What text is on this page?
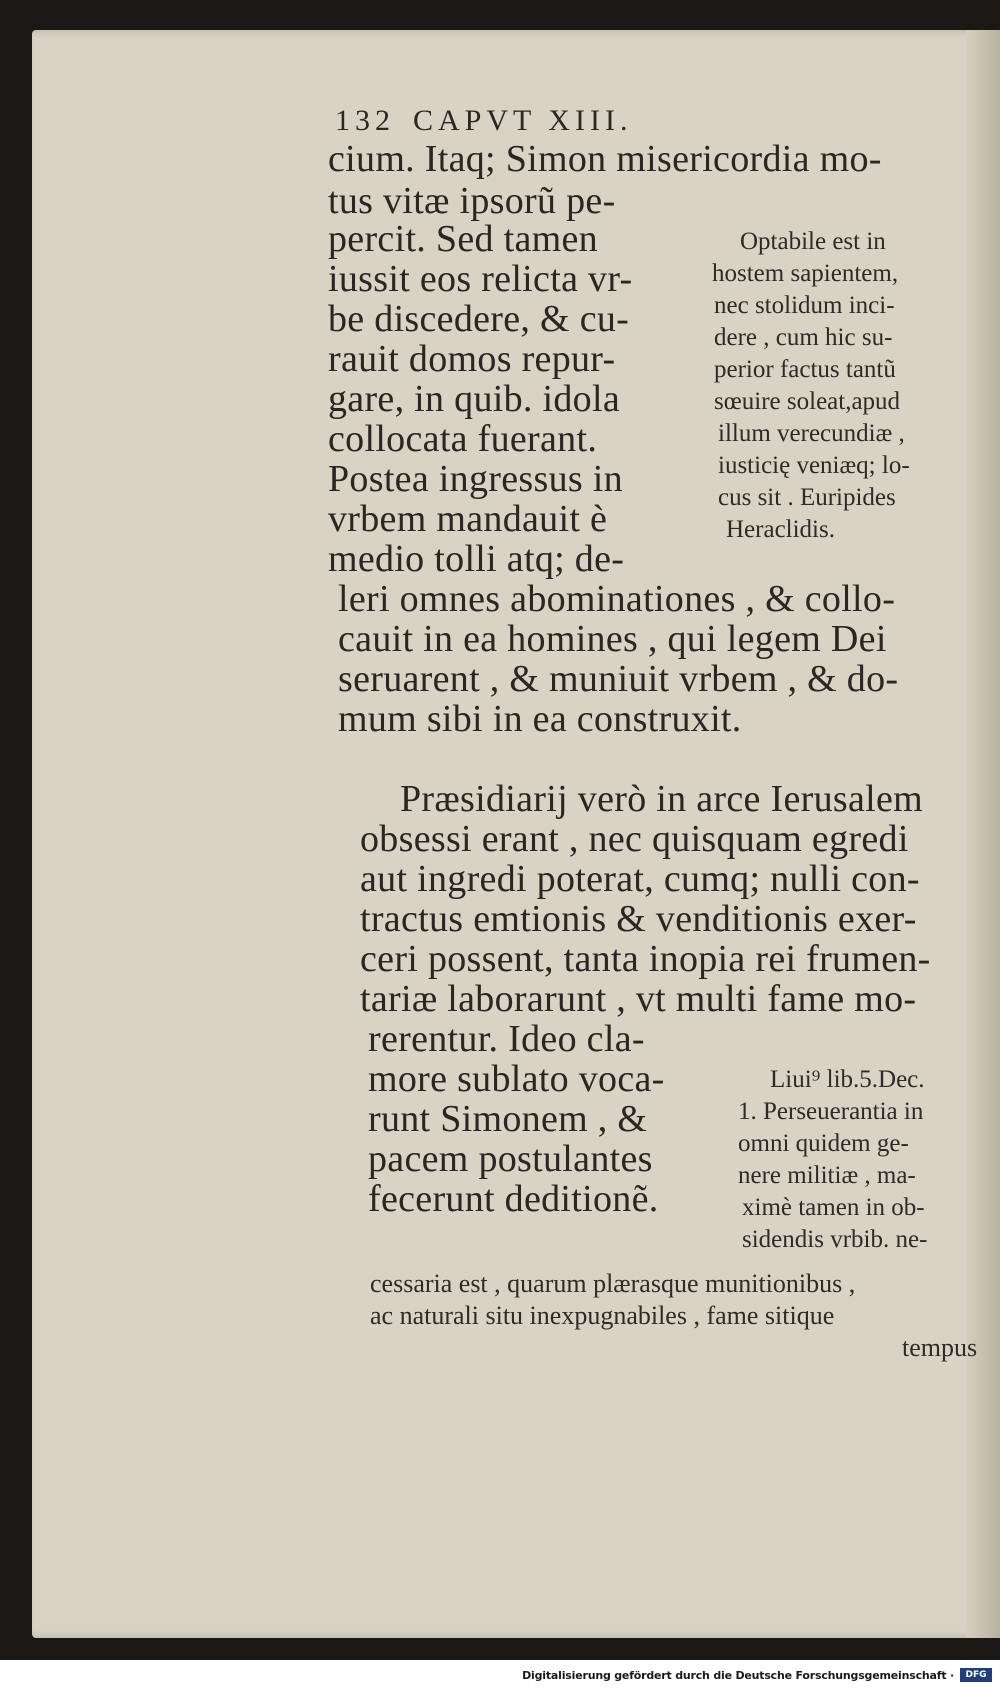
132 CAPVT XIII.
cium. Itaq; Simon misericordia mo-
tus vitæ ipsorũ pe-
percit. Sed tamen
iussit eos relicta vr-
be discedere, & cu-
rauit domos repur-
gare, in quib. idola
collocata fuerant.
Postea ingressus in
vrbem mandauit è
medio tolli atq; de-
leri omnes abominationes , & collo-
cauit in ea homines , qui legem Dei
seruarent , & muniuit vrbem , & do-
mum sibi in ea construxit.
Optabile est in
hostem sapientem,
nec stolidum inci-
dere , cum hic su-
perior factus tantũ
sœuire soleat,apud
illum verecundiæ ,
iusticię veniæq; lo-
cus sit . Euripides
Heraclidis.
Præsidiarij verò in arce Ierusalem
obsessi erant , nec quisquam egredi
aut ingredi poterat, cumq; nulli con-
tractus emtionis & venditionis exer-
ceri possent, tanta inopia rei frumen-
tariæ laborarunt , vt multi fame mo-
rerentur. Ideo cla-
more sublato voca-
runt Simonem , &
pacem postulantes
fecerunt deditionẽ.
Liui⁹ lib.5.Dec.
1. Perseuerantia in
omni quidem ge-
nere militiæ , ma-
ximè tamen in ob-
sidendis vrbib. ne-
cessaria est , quarum plærasque munitionibus ,
ac naturali situ inexpugnabiles , fame sitique
tempus
Digitalisierung gefördert durch die Deutsche Forschungsgemeinschaft ·	DFG
